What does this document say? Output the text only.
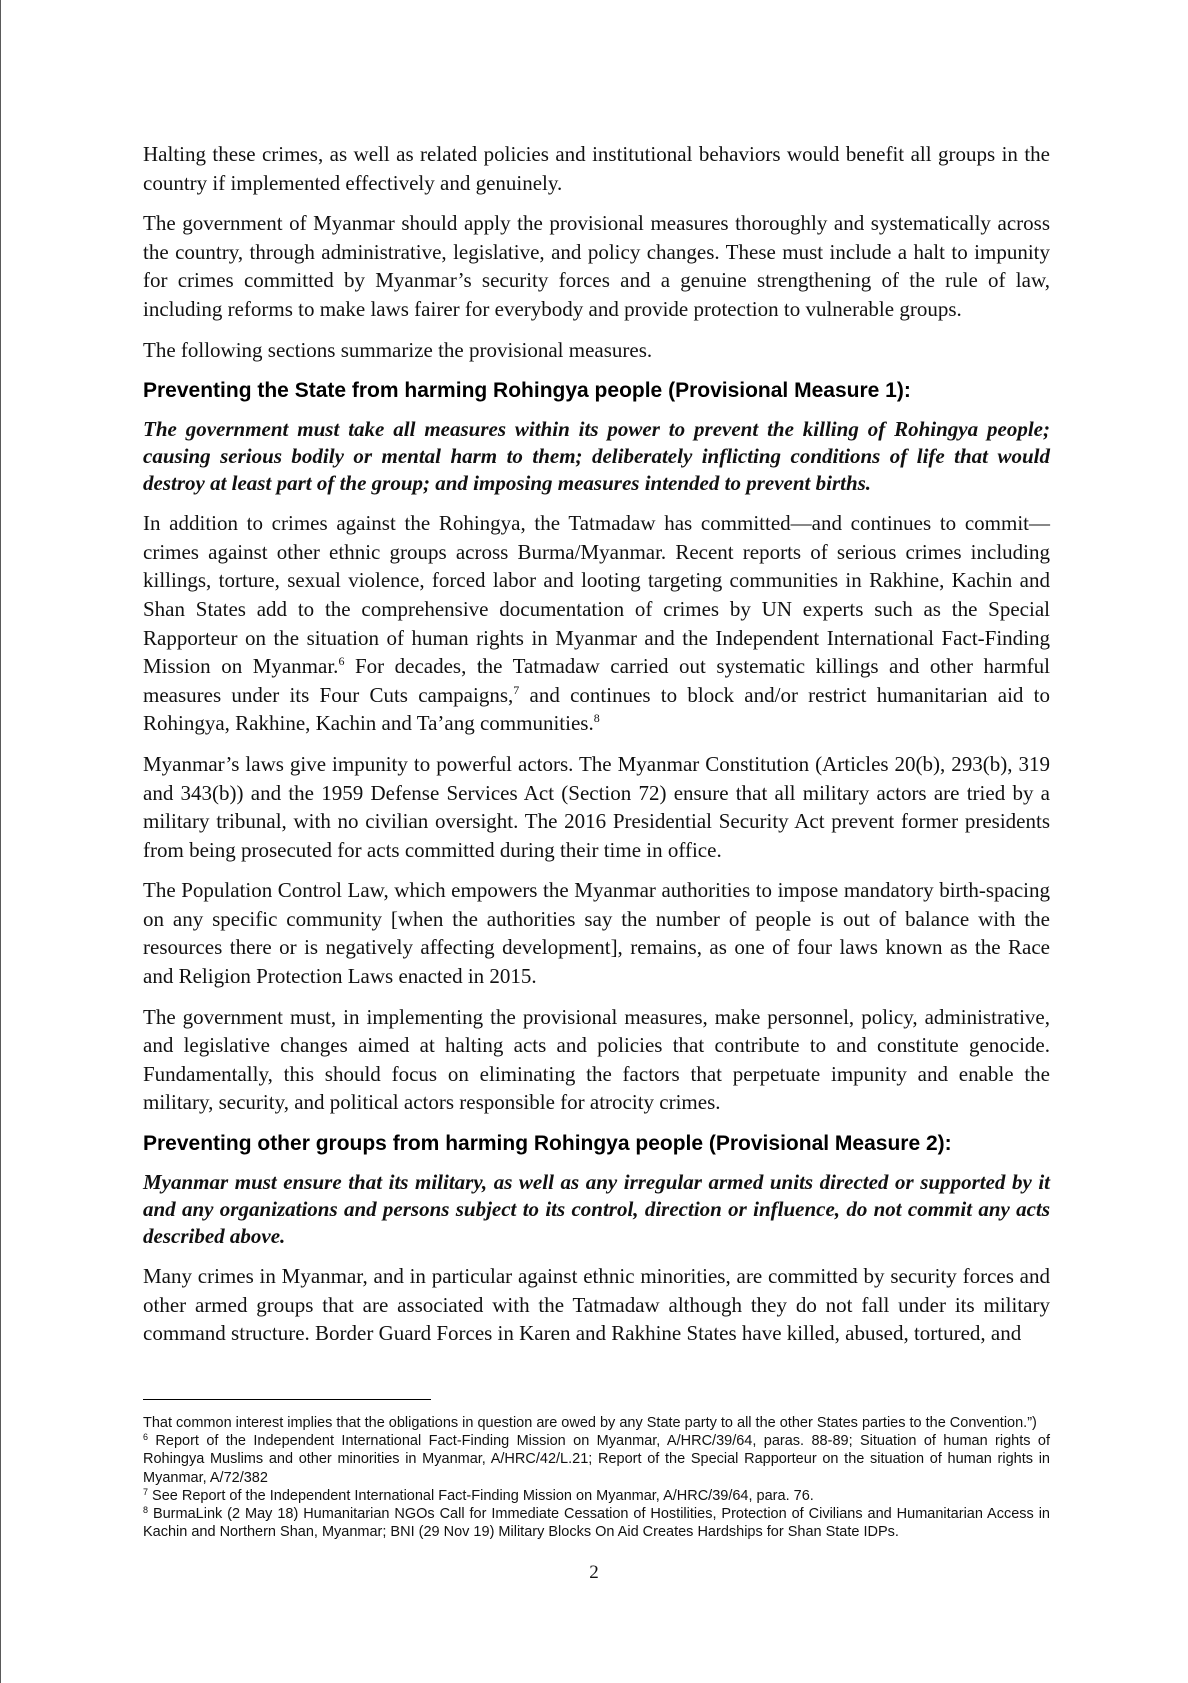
Halting these crimes, as well as related policies and institutional behaviors would benefit all groups in the country if implemented effectively and genuinely.

The government of Myanmar should apply the provisional measures thoroughly and systematically across the country, through administrative, legislative, and policy changes. These must include a halt to impunity for crimes committed by Myanmar’s security forces and a genuine strengthening of the rule of law, including reforms to make laws fairer for everybody and provide protection to vulnerable groups.

The following sections summarize the provisional measures.

Preventing the State from harming Rohingya people (Provisional Measure 1):

The government must take all measures within its power to prevent the killing of Rohingya people; causing serious bodily or mental harm to them; deliberately inflicting conditions of life that would destroy at least part of the group; and imposing measures intended to prevent births.

In addition to crimes against the Rohingya, the Tatmadaw has committed—and continues to commit—crimes against other ethnic groups across Burma/Myanmar. Recent reports of serious crimes including killings, torture, sexual violence, forced labor and looting targeting communities in Rakhine, Kachin and Shan States add to the comprehensive documentation of crimes by UN experts such as the Special Rapporteur on the situation of human rights in Myanmar and the Independent International Fact-Finding Mission on Myanmar.$^6$ For decades, the Tatmadaw carried out systematic killings and other harmful measures under its Four Cuts campaigns,$^7$ and continues to block and/or restrict humanitarian aid to Rohingya, Rakhine, Kachin and Ta’ang communities.$^8$

Myanmar’s laws give impunity to powerful actors. The Myanmar Constitution (Articles 20(b), 293(b), 319 and 343(b)) and the 1959 Defense Services Act (Section 72) ensure that all military actors are tried by a military tribunal, with no civilian oversight. The 2016 Presidential Security Act prevent former presidents from being prosecuted for acts committed during their time in office.

The Population Control Law, which empowers the Myanmar authorities to impose mandatory birth-spacing on any specific community [when the authorities say the number of people is out of balance with the resources there or is negatively affecting development], remains, as one of four laws known as the Race and Religion Protection Laws enacted in 2015.

The government must, in implementing the provisional measures, make personnel, policy, administrative, and legislative changes aimed at halting acts and policies that contribute to and constitute genocide. Fundamentally, this should focus on eliminating the factors that perpetuate impunity and enable the military, security, and political actors responsible for atrocity crimes.

Preventing other groups from harming Rohingya people (Provisional Measure 2):

Myanmar must ensure that its military, as well as any irregular armed units directed or supported by it and any organizations and persons subject to its control, direction or influence, do not commit any acts described above.

Many crimes in Myanmar, and in particular against ethnic minorities, are committed by security forces and other armed groups that are associated with the Tatmadaw although they do not fall under its military command structure. Border Guard Forces in Karen and Rakhine States have killed, abused, tortured, and

That common interest implies that the obligations in question are owed by any State party to all the other States parties to the Convention.”)

$^6$ Report of the Independent International Fact-Finding Mission on Myanmar, A/HRC/39/64, paras. 88-89; Situation of human rights of Rohingya Muslims and other minorities in Myanmar, A/HRC/42/L.21; Report of the Special Rapporteur on the situation of human rights in Myanmar, A/72/382

$^7$ See Report of the Independent International Fact-Finding Mission on Myanmar, A/HRC/39/64, para. 76.

$^8$ BurmaLink (2 May 18) Humanitarian NGOs Call for Immediate Cessation of Hostilities, Protection of Civilians and Humanitarian Access in Kachin and Northern Shan, Myanmar; BNI (29 Nov 19) Military Blocks On Aid Creates Hardships for Shan State IDPs.

2
